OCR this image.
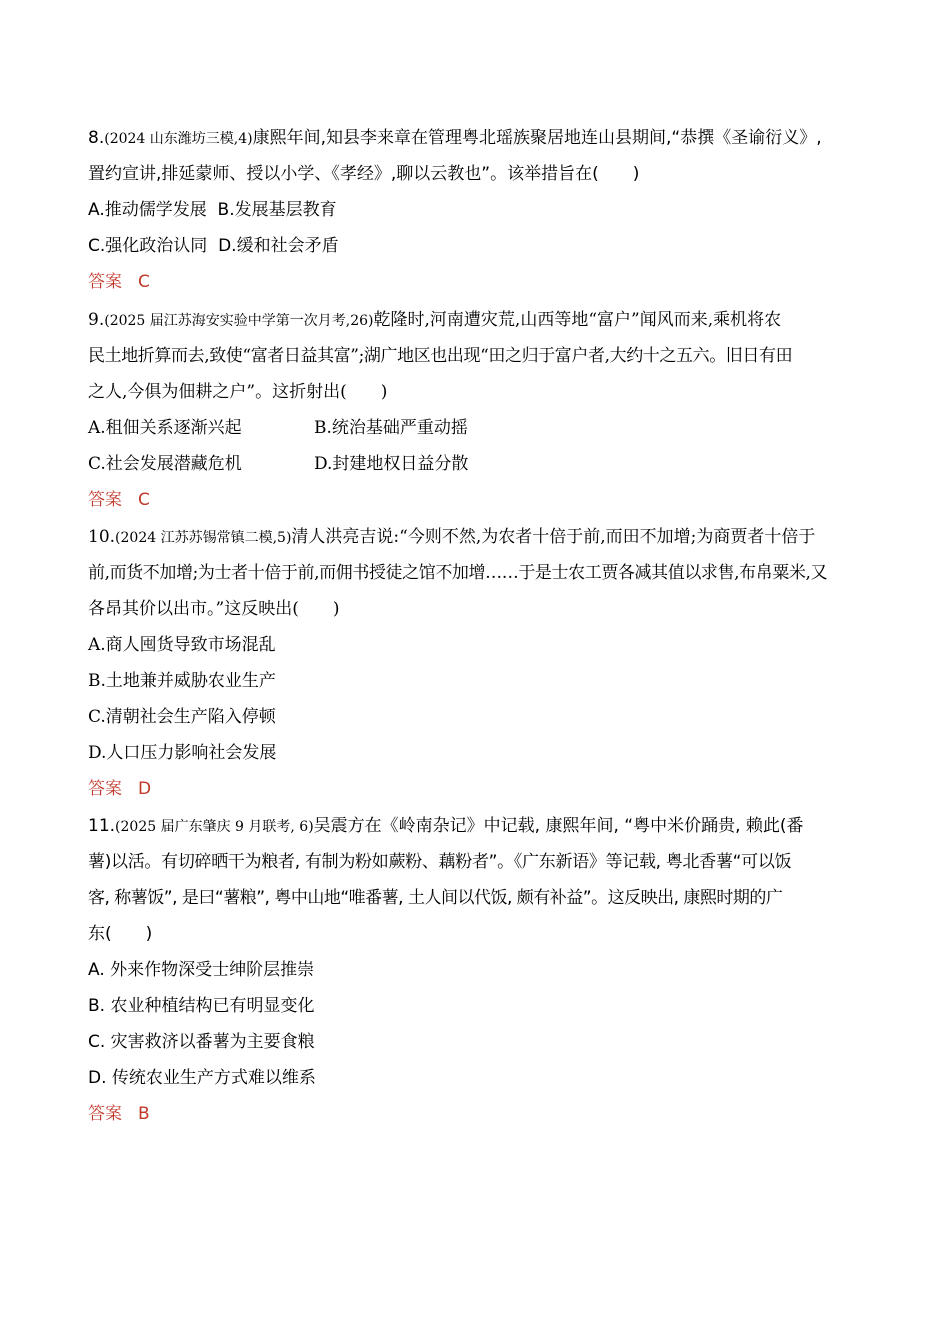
8.(2024 山东潍坊三模,4)康熙年间,知县李来章在管理粤北瑶族聚居地连山县期间,“恭撰《圣谕衍义》,
置约宣讲,排延蒙师、授以小学、《孝经》,聊以云教也”。该举措旨在(　　)
A.推动儒学发展 B.发展基层教育
C.强化政治认同 D.缓和社会矛盾
答案 C
9.(2025 届江苏海安实验中学第一次月考,26)乾隆时,河南遭灾荒,山西等地“富户”闻风而来,乘机将农
民土地折算而去,致使“富者日益其富”;湖广地区也出现“田之归于富户者,大约十之五六。旧日有田
之人,今俱为佃耕之户”。这折射出(　　)
A.租佃关系逐渐兴起	B.统治基础严重动摇
C.社会发展潜藏危机	D.封建地权日益分散
答案 C
10.(2024 江苏苏锡常镇二模,5)清人洪亮吉说:“今则不然,为农者十倍于前,而田不加增;为商贾者十倍于
前,而货不加增;为士者十倍于前,而佣书授徒之馆不加增……于是士农工贾各减其值以求售,布帛粟米,又
各昂其价以出市。”这反映出(　　)
A.商人囤货导致市场混乱
B.土地兼并威胁农业生产
C.清朝社会生产陷入停顿
D.人口压力影响社会发展
答案 D
11.(2025 届广东肇庆 9 月联考, 6)吴震方在《岭南杂记》中记载, 康熙年间, “粤中米价踊贵, 赖此(番
薯)以活。有切碎晒干为粮者, 有制为粉如蕨粉、藕粉者”。《广东新语》等记载, 粤北香薯“可以饭
客, 称薯饭”, 是曰“薯粮”, 粤中山地“唯番薯, 土人间以代饭, 颇有补益”。这反映出, 康熙时期的广
东(　　)
A. 外来作物深受士绅阶层推崇
B. 农业种植结构已有明显变化
C. 灾害救济以番薯为主要食粮
D. 传统农业生产方式难以维系
答案 B
